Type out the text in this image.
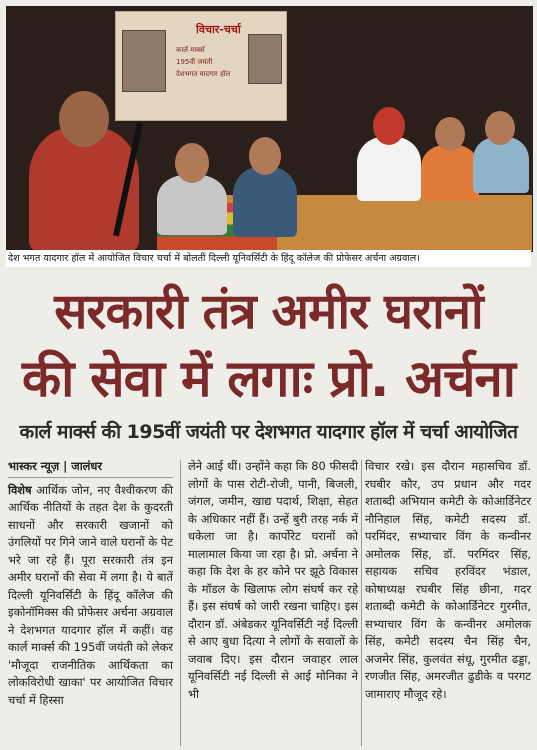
विचार-चर्चा
कार्ल मार्क्स
195वीं जयंती
देशभगत यादगार हॉल
देश भगत यादगार हॉल में आयोजित विचार चर्चा में बोलतीं दिल्ली यूनिवर्सिटी के हिंदू कॉलेज की प्रोफेसर अर्चना अग्रवाल।
सरकारी तंत्र अमीर घरानों
की सेवा में लगाः प्रो. अर्चना
कार्ल मार्क्स की 195वीं जयंती पर देशभगत यादगार हॉल में चर्चा आयोजित
भास्कर न्यूज़ | जालंधर
विशेष आर्थिक जोन, नए वैश्वीकरण की आर्थिक नीतियों के तहत देश के कुदरती साधनों और सरकारी खजानों को उंगलियों पर गिने जाने वाले घरानों के पेट भरे जा रहे हैं। पूरा सरकारी तंत्र इन अमीर घरानों की सेवा में लगा है। ये बातें दिल्ली यूनिवर्सिटी के हिंदू कॉलेज की इकोनॉमिक्स की प्रोफेसर अर्चना अग्रवाल ने देशभगत यादगार हॉल में कहीं। वह कार्ल मार्क्स की 195वीं जयंती को लेकर 'मौजूदा राजनीतिक आर्थिकता का लोकविरोधी खाका' पर आयोजित विचार चर्चा में हिस्सा
लेने आई थीं। उन्होंने कहा कि 80 फीसदी लोगों के पास रोटी-रोजी, पानी, बिजली, जंगल, जमीन, खाद्य पदार्थ, शिक्षा, सेहत के अधिकार नहीं हैं। उन्हें बुरी तरह नर्क में धकेला जा है। कार्पोरेट घरानों को मालामाल किया जा रहा है। प्रो. अर्चना ने कहा कि देश के हर कोने पर झूठे विकास के मॉडल के खिलाफ लोग संघर्ष कर रहे हैं। इस संघर्ष को जारी रखना चाहिए। इस दौरान डॉ. अंबेडकर यूनिवर्सिटी नई दिल्ली से आए बुधा दित्या ने लोगों के सवालों के जवाब दिए। इस दौरान जवाहर लाल यूनिवर्सिटी नई दिल्ली से आई मोनिका ने भी
विचार रखे। इस दौरान महासचिव डॉ. रघबीर कौर, उप प्रधान और गदर शताब्दी अभियान कमेटी के कोआर्डिनेटर नौनिहाल सिंह, कमेटी सदस्य डॉ. परमिंदर, सभ्याचार विंग के कन्वीनर अमोलक सिंह, डॉ. परमिंदर सिंह, सहायक सचिव हरविंदर भंडाल, कोषाध्यक्ष रघबीर सिंह छीना, गदर शताब्दी कमेटी के कोआर्डिनेटर गुरमीत, सभ्याचार विंग के कन्वीनर अमोलक सिंह, कमेटी सदस्य चैन सिंह चैन, अजमेर सिंह, कुलवंत संधू, गुरमीत ढड्डा, रणजीत सिंह, अमरजीत ढुडीके व परगट जामाराए मौजूद रहे।
